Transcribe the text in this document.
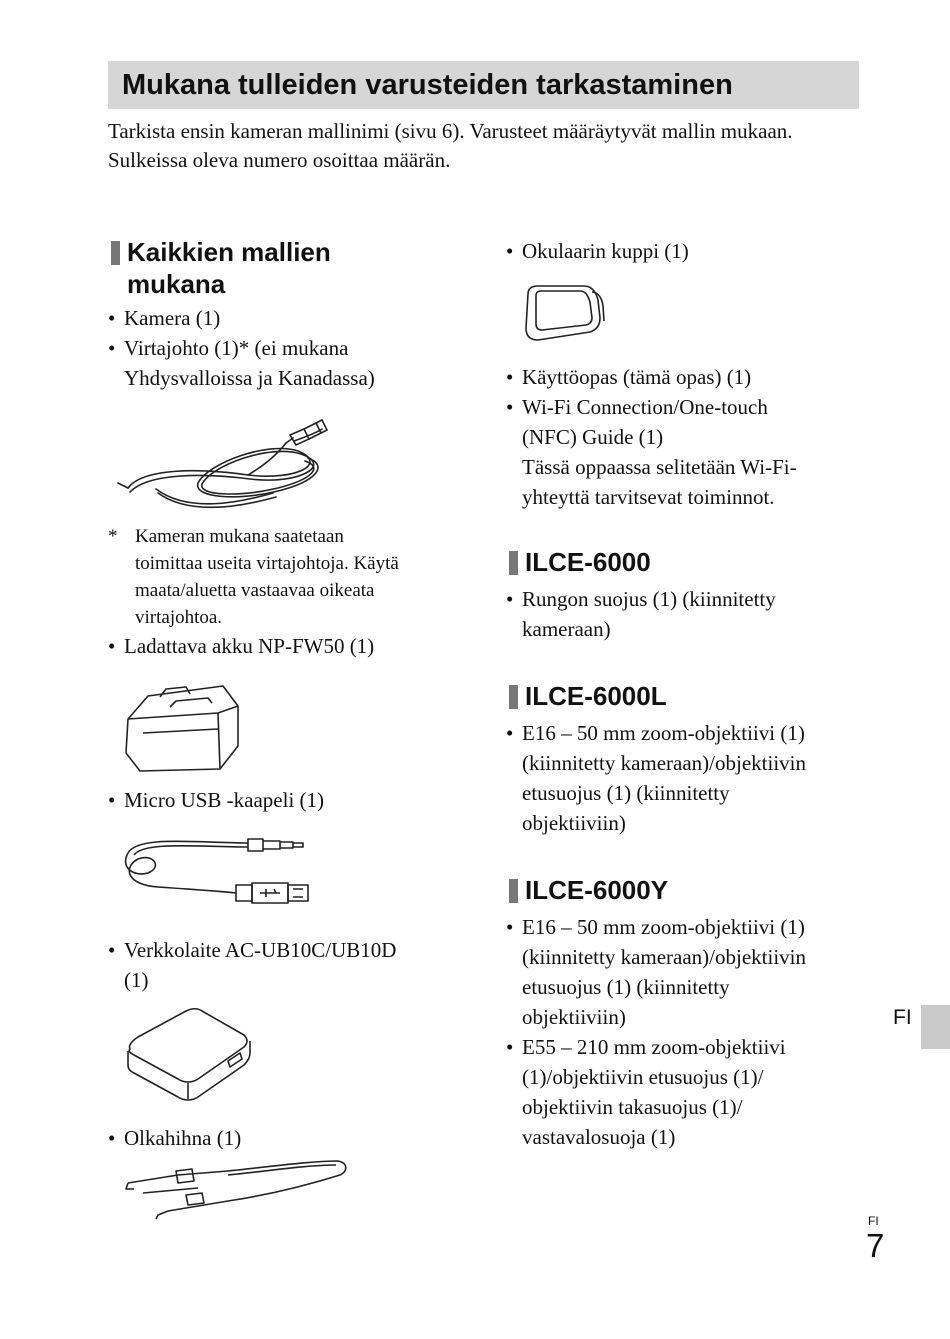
Mukana tulleiden varusteiden tarkastaminen

Tarkista ensin kameran mallinimi (sivu 6). Varusteet määräytyvät mallin mukaan.

Sulkeissa oleva numero osoittaa määrän.

Kaikkien mallien
mukana

• Kamera (1)

• Virtajohto (1)* (ei mukana
Yhdysvalloissa ja Kanadassa)

* Kameran mukana saatetaan
toimittaa useita virtajohtoja. Käytä
maata/aluetta vastaavaa oikeata
virtajohtoa.

• Ladattava akku NP-FW50 (1)

• Micro USB -kaapeli (1)

• Verkkolaite AC-UB10C/UB10D
(1)

• Olkahihna (1)

• Okulaarin kuppi (1)

• Käyttöopas (tämä opas) (1)

• Wi-Fi Connection/One-touch
(NFC) Guide (1)
Tässä oppaassa selitetään Wi-Fi-
yhteyttä tarvitsevat toiminnot.

ILCE-6000

• Rungon suojus (1) (kiinnitetty
kameraan)

ILCE-6000L

• E16 – 50 mm zoom-objektiivi (1)
(kiinnitetty kameraan)/objektiivin
etusuojus (1) (kiinnitetty
objektiiviin)

ILCE-6000Y

• E16 – 50 mm zoom-objektiivi (1)
(kiinnitetty kameraan)/objektiivin
etusuojus (1) (kiinnitetty
objektiiviin)

• E55 – 210 mm zoom-objektiivi
(1)/objektiivin etusuojus (1)/
objektiivin takasuojus (1)/
vastavalosuoja (1)

FI
FI
7
